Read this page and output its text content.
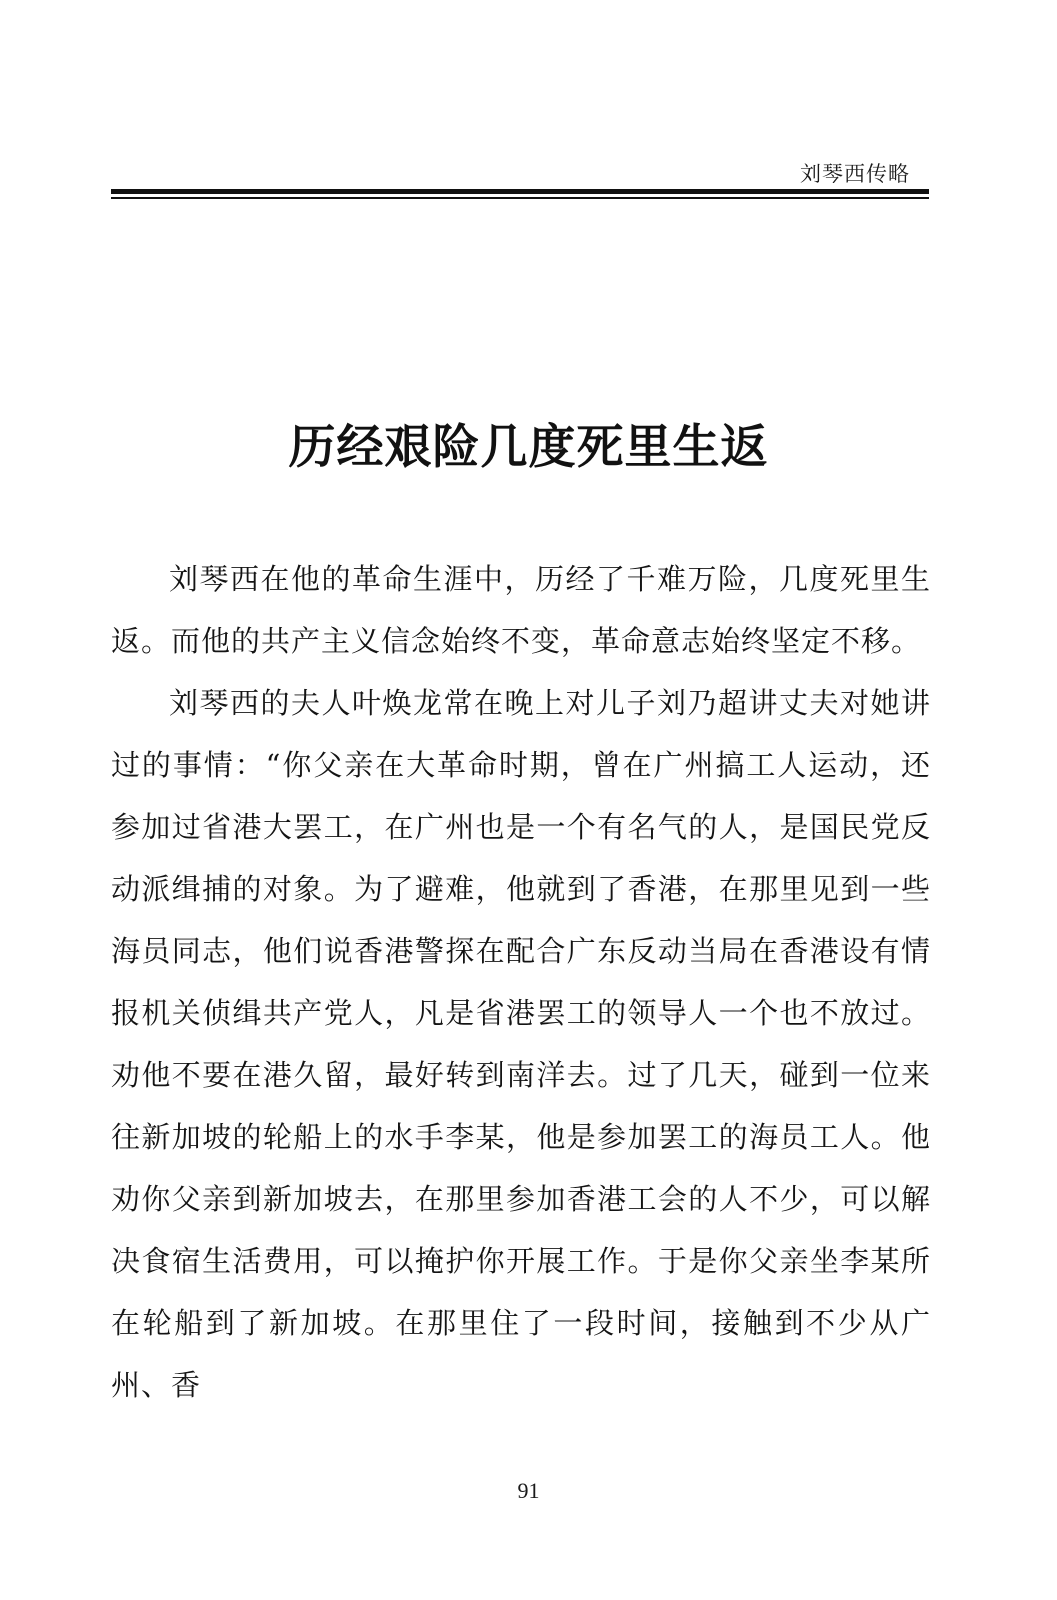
刘琴西传略
历经艰险几度死里生返

刘琴西在他的革命生涯中，历经了千难万险，几度死里生返。而他的共产主义信念始终不变，革命意志始终坚定不移。

刘琴西的夫人叶焕龙常在晚上对儿子刘乃超讲丈夫对她讲过的事情：“你父亲在大革命时期，曾在广州搞工人运动，还参加过省港大罢工，在广州也是一个有名气的人，是国民党反动派缉捕的对象。为了避难，他就到了香港，在那里见到一些海员同志，他们说香港警探在配合广东反动当局在香港设有情报机关侦缉共产党人，凡是省港罢工的领导人一个也不放过。劝他不要在港久留，最好转到南洋去。过了几天，碰到一位来往新加坡的轮船上的水手李某，他是参加罢工的海员工人。他劝你父亲到新加坡去，在那里参加香港工会的人不少，可以解决食宿生活费用，可以掩护你开展工作。于是你父亲坐李某所在轮船到了新加坡。在那里住了一段时间，接触到不少从广州、香

91
